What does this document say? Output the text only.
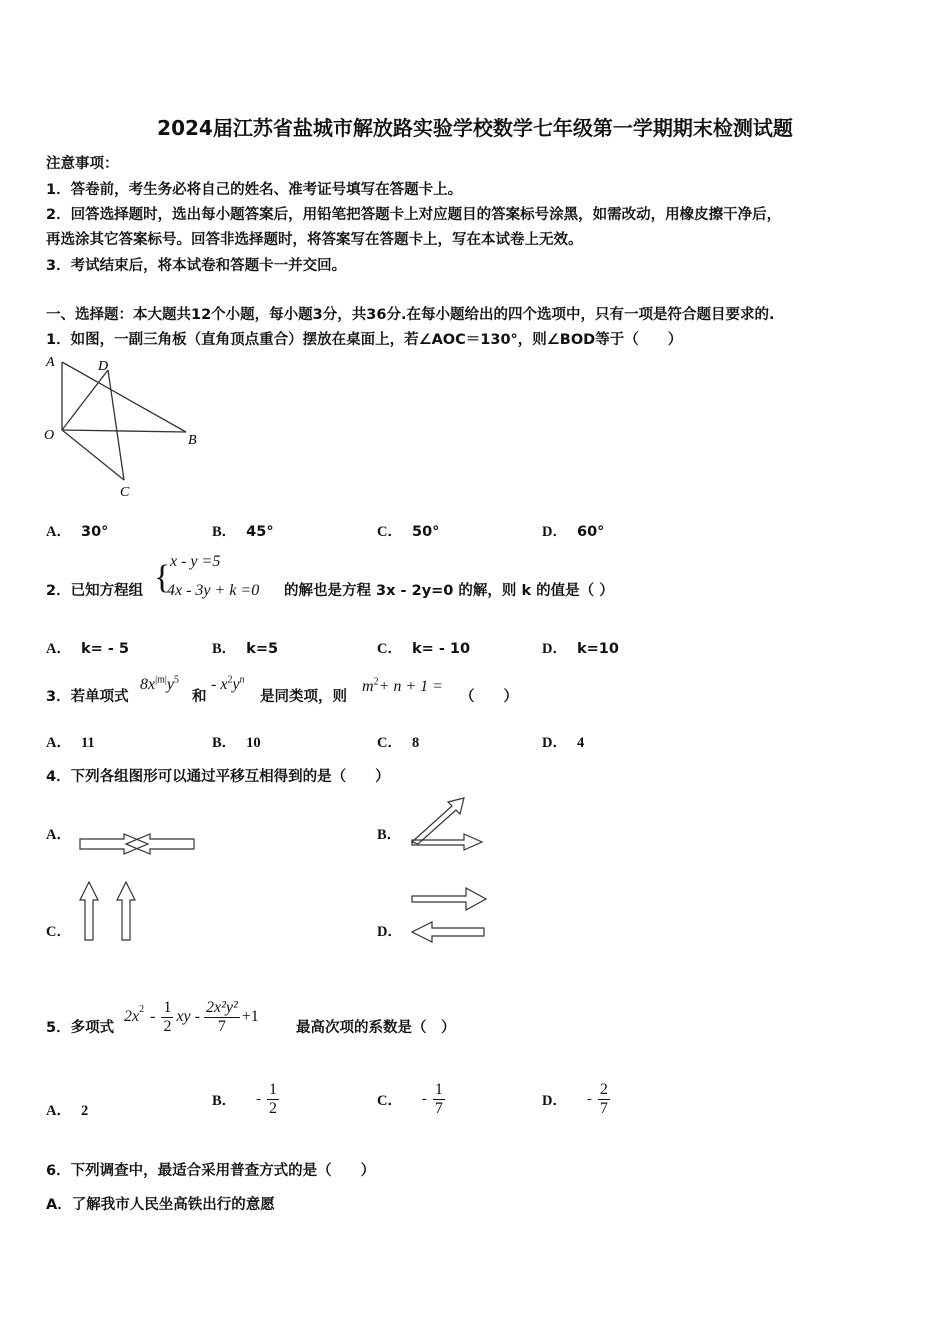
2024届江苏省盐城市解放路实验学校数学七年级第一学期期末检测试题
注意事项：
1．答卷前，考生务必将自己的姓名、准考证号填写在答题卡上。
2．回答选择题时，选出每小题答案后，用铅笔把答题卡上对应题目的答案标号涂黑，如需改动，用橡皮擦干净后，
再选涂其它答案标号。回答非选择题时，将答案写在答题卡上，写在本试卷上无效。
3．考试结束后，将本试卷和答题卡一并交回。
一、选择题：本大题共12个小题，每小题3分，共36分.在每小题给出的四个选项中，只有一项是符合题目要求的.
1．如图，一副三角板（直角顶点重合）摆放在桌面上，若∠AOC＝130°，则∠BOD等于（　　）
A	D
O	B
C
A． 30°	B． 45°	C． 50°	D． 60°
2．已知方程组 { x - y =5
4x - 3y + k =0 的解也是方程 3x - 2y=0 的解，则 k 的值是（ ）
A． k= - 5	B． k=5	C． k= - 10	D． k=10
3．若单项式
$8x^{|m|}y^5$
和
- $x^2y^n$
是同类项，则
$m^2+ n + 1$ =
（　　）
A． 11	B． 10	C． 8	D． 4
4．下列各组图形可以通过平移互相得到的是（　　）
A．	B．
C．	D．
5．多项式
$2x^2 - \frac{1}{2}$ xy - $\frac{\text{2x²y²}}{7} +1$
最高次项的系数是（　）
A． 2
B． - $\frac{1}{2}$	C． - $\frac{1}{7}$	D． - $\frac{2}{7}$
6．下列调查中，最适合采用普查方式的是（　　）
A．了解我市人民坐高铁出行的意愿
